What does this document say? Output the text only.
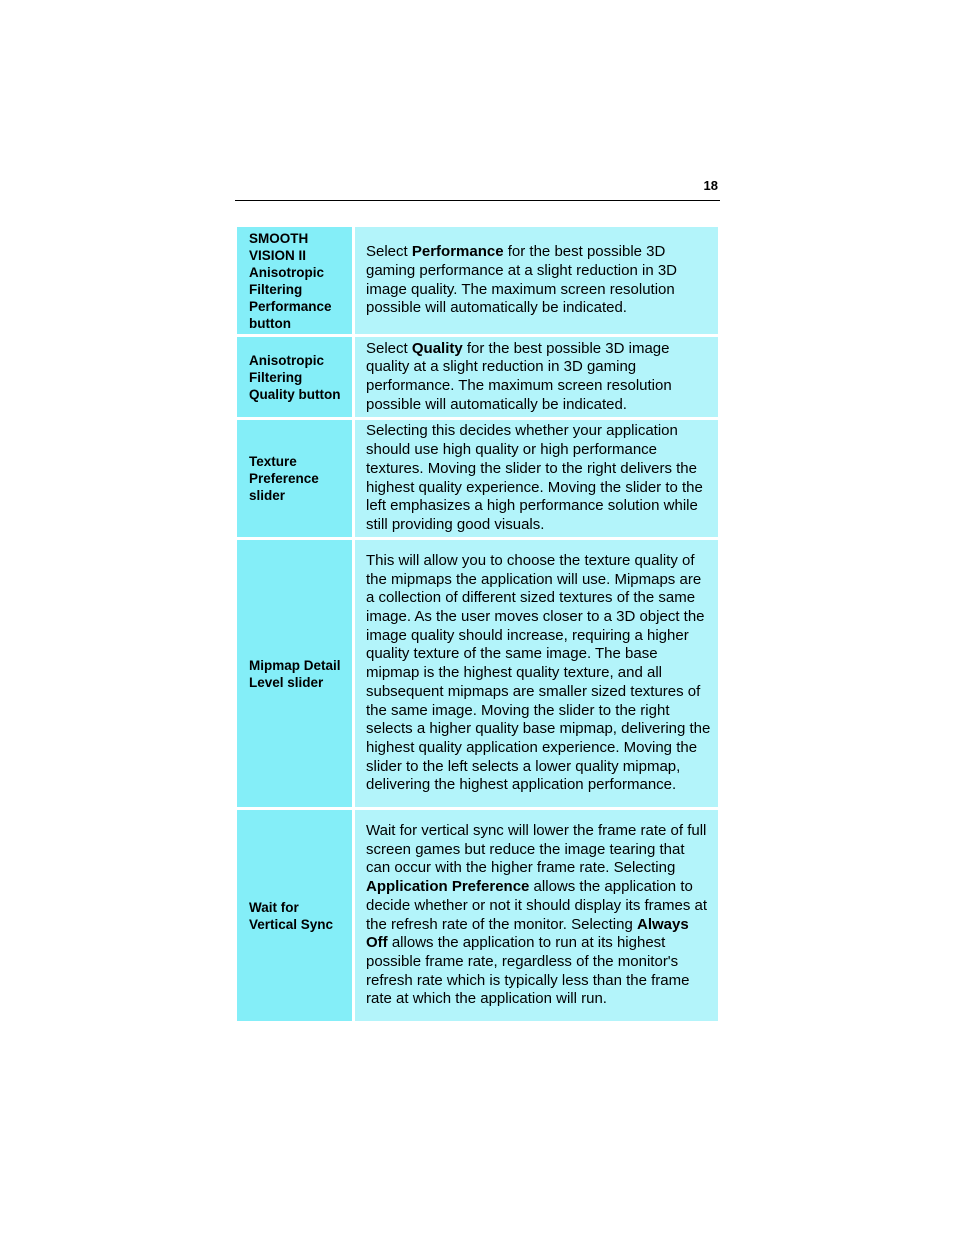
18
SMOOTH VISION II Anisotropic Filtering Performance button
Select Performance for the best possible 3D gaming performance at a slight reduction in 3D image quality. The maximum screen resolution possible will automatically be indicated.
Anisotropic Filtering Quality button
Select Quality for the best possible 3D image quality at a slight reduction in 3D gaming performance. The maximum screen resolution possible will automatically be indicated.
Texture Preference slider
Selecting this decides whether your application should use high quality or high performance textures. Moving the slider to the right delivers the highest quality experience. Moving the slider to the left emphasizes a high performance solution while still providing good visuals.
Mipmap Detail Level slider
This will allow you to choose the texture quality of the mipmaps the application will use. Mipmaps are a collection of different sized textures of the same image. As the user moves closer to a 3D object the image quality should increase, requiring a higher quality texture of the same image. The base mipmap is the highest quality texture, and all subsequent mipmaps are smaller sized textures of the same image. Moving the slider to the right selects a higher quality base mipmap, delivering the highest quality application experience. Moving the slider to the left selects a lower quality mipmap, delivering the highest application performance.
Wait for Vertical Sync
Wait for vertical sync will lower the frame rate of full screen games but reduce the image tearing that can occur with the higher frame rate. Selecting Application Preference allows the application to decide whether or not it should display its frames at the refresh rate of the monitor. Selecting Always Off allows the application to run at its highest possible frame rate, regardless of the monitor's refresh rate which is typically less than the frame rate at which the application will run.
